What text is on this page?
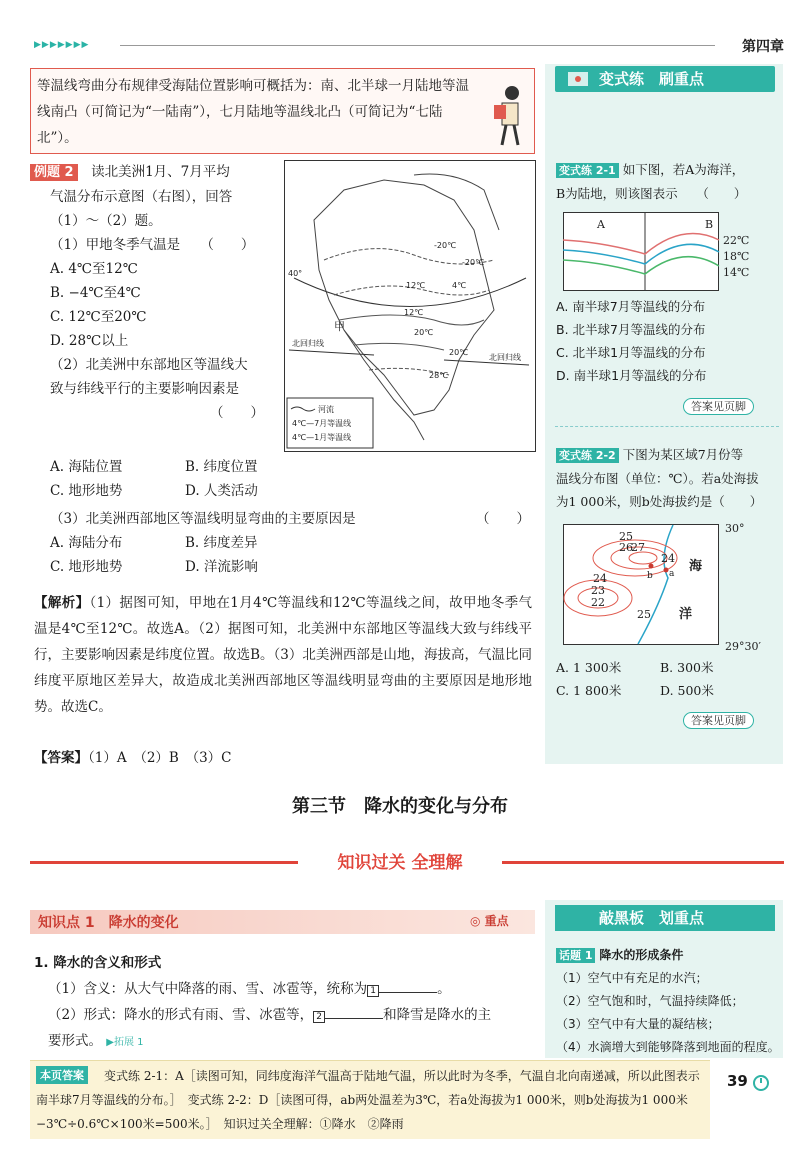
▶▶▶▶▶▶▶	第四章
等温线弯曲分布规律受海陆位置影响可概括为：南、北半球一月陆地等温线南凸（可简记为“一陆南”），七月陆地等温线北凸（可简记为“七陆北”）。
例题 2　 读北美洲1月、7月平均
气温分布示意图（右图），回答
（1）～（2）题。
（1）甲地冬季气温是　　（　　）
A. 4℃至12℃
B. −4℃至4℃
C. 12℃至20℃
D. 28℃以上
（2）北美洲中东部地区等温线大
致与纬线平行的主要影响因素是
（　　）
-20℃
-20℃
4℃
12℃
12℃
20℃
20℃
28℃
甲
40°
北回归线
北回归线
河流
4℃—7月等温线
4℃—1月等温线
A. 海陆位置	B. 纬度位置
C. 地形地势	D. 人类活动
（3）北美洲西部地区等温线明显弯曲的主要原因是	（　　）
A. 海陆分布	B. 纬度差异
C. 地形地势	D. 洋流影响
【解析】（1）据图可知，甲地在1月4℃等温线和12℃等温线之间，故甲地冬季气温是4℃至12℃。故选A。（2）据图可知，北美洲中东部地区等温线大致与纬线平行，主要影响因素是纬度位置。故选B。（3）北美洲西部是山地，海拔高，气温比同纬度平原地区差异大，故造成北美洲西部地区等温线明显弯曲的主要原因是地形地势。故选C。
【答案】（1）A　（2）B　（3）C
变式练　刷重点
变式练 2-1 如下图，若A为海洋，
B为陆地，则该图表示　　（　　）
A	B
22℃
18℃
14℃
A. 南半球7月等温线的分布
B. 北半球7月等温线的分布
C. 北半球1月等温线的分布
D. 南半球1月等温线的分布
答案见页脚
变式练 2-2 下图为某区域7月份等
温线分布图（单位：℃）。若a处海拔
为1 000米，则b处海拔约是（　　）
30°
25
26
27
24
b a 海
24
23
22
25 洋
29°30′
A. 1 300米	B. 300米
C. 1 800米	D. 500米
答案见页脚
第三节　降水的变化与分布
知识过关 全理解
知识点 1　降水的变化	◎ 重点
1. 降水的含义和形式
（1）含义：从大气中降落的雨、雪、冰雹等，统称为 1	。
（2）形式：降水的形式有雨、雪、冰雹等， 2	和降雪是降水的主
要形式。 ▶拓展 1
敲黑板　划重点
话题 1 降水的形成条件
（1）空气中有充足的水汽；
（2）空气饱和时，气温持续降低；
（3）空气中有大量的凝结核；
（4）水滴增大到能够降落到地面的程度。
变式练 2-1：A［读图可知，同纬度海洋气温高于陆地气温，所以此时为冬季，气温自北向南递减，所以此图表示南半球7月等温线的分布。］　变式练 2-2：D［读图可得，ab两处温差为3℃，若a处海拔为1 000米，则b处海拔为1 000米−3℃÷0.6℃×100米=500米。］　知识过关全理解：①降水　②降雨
本页答案	39
